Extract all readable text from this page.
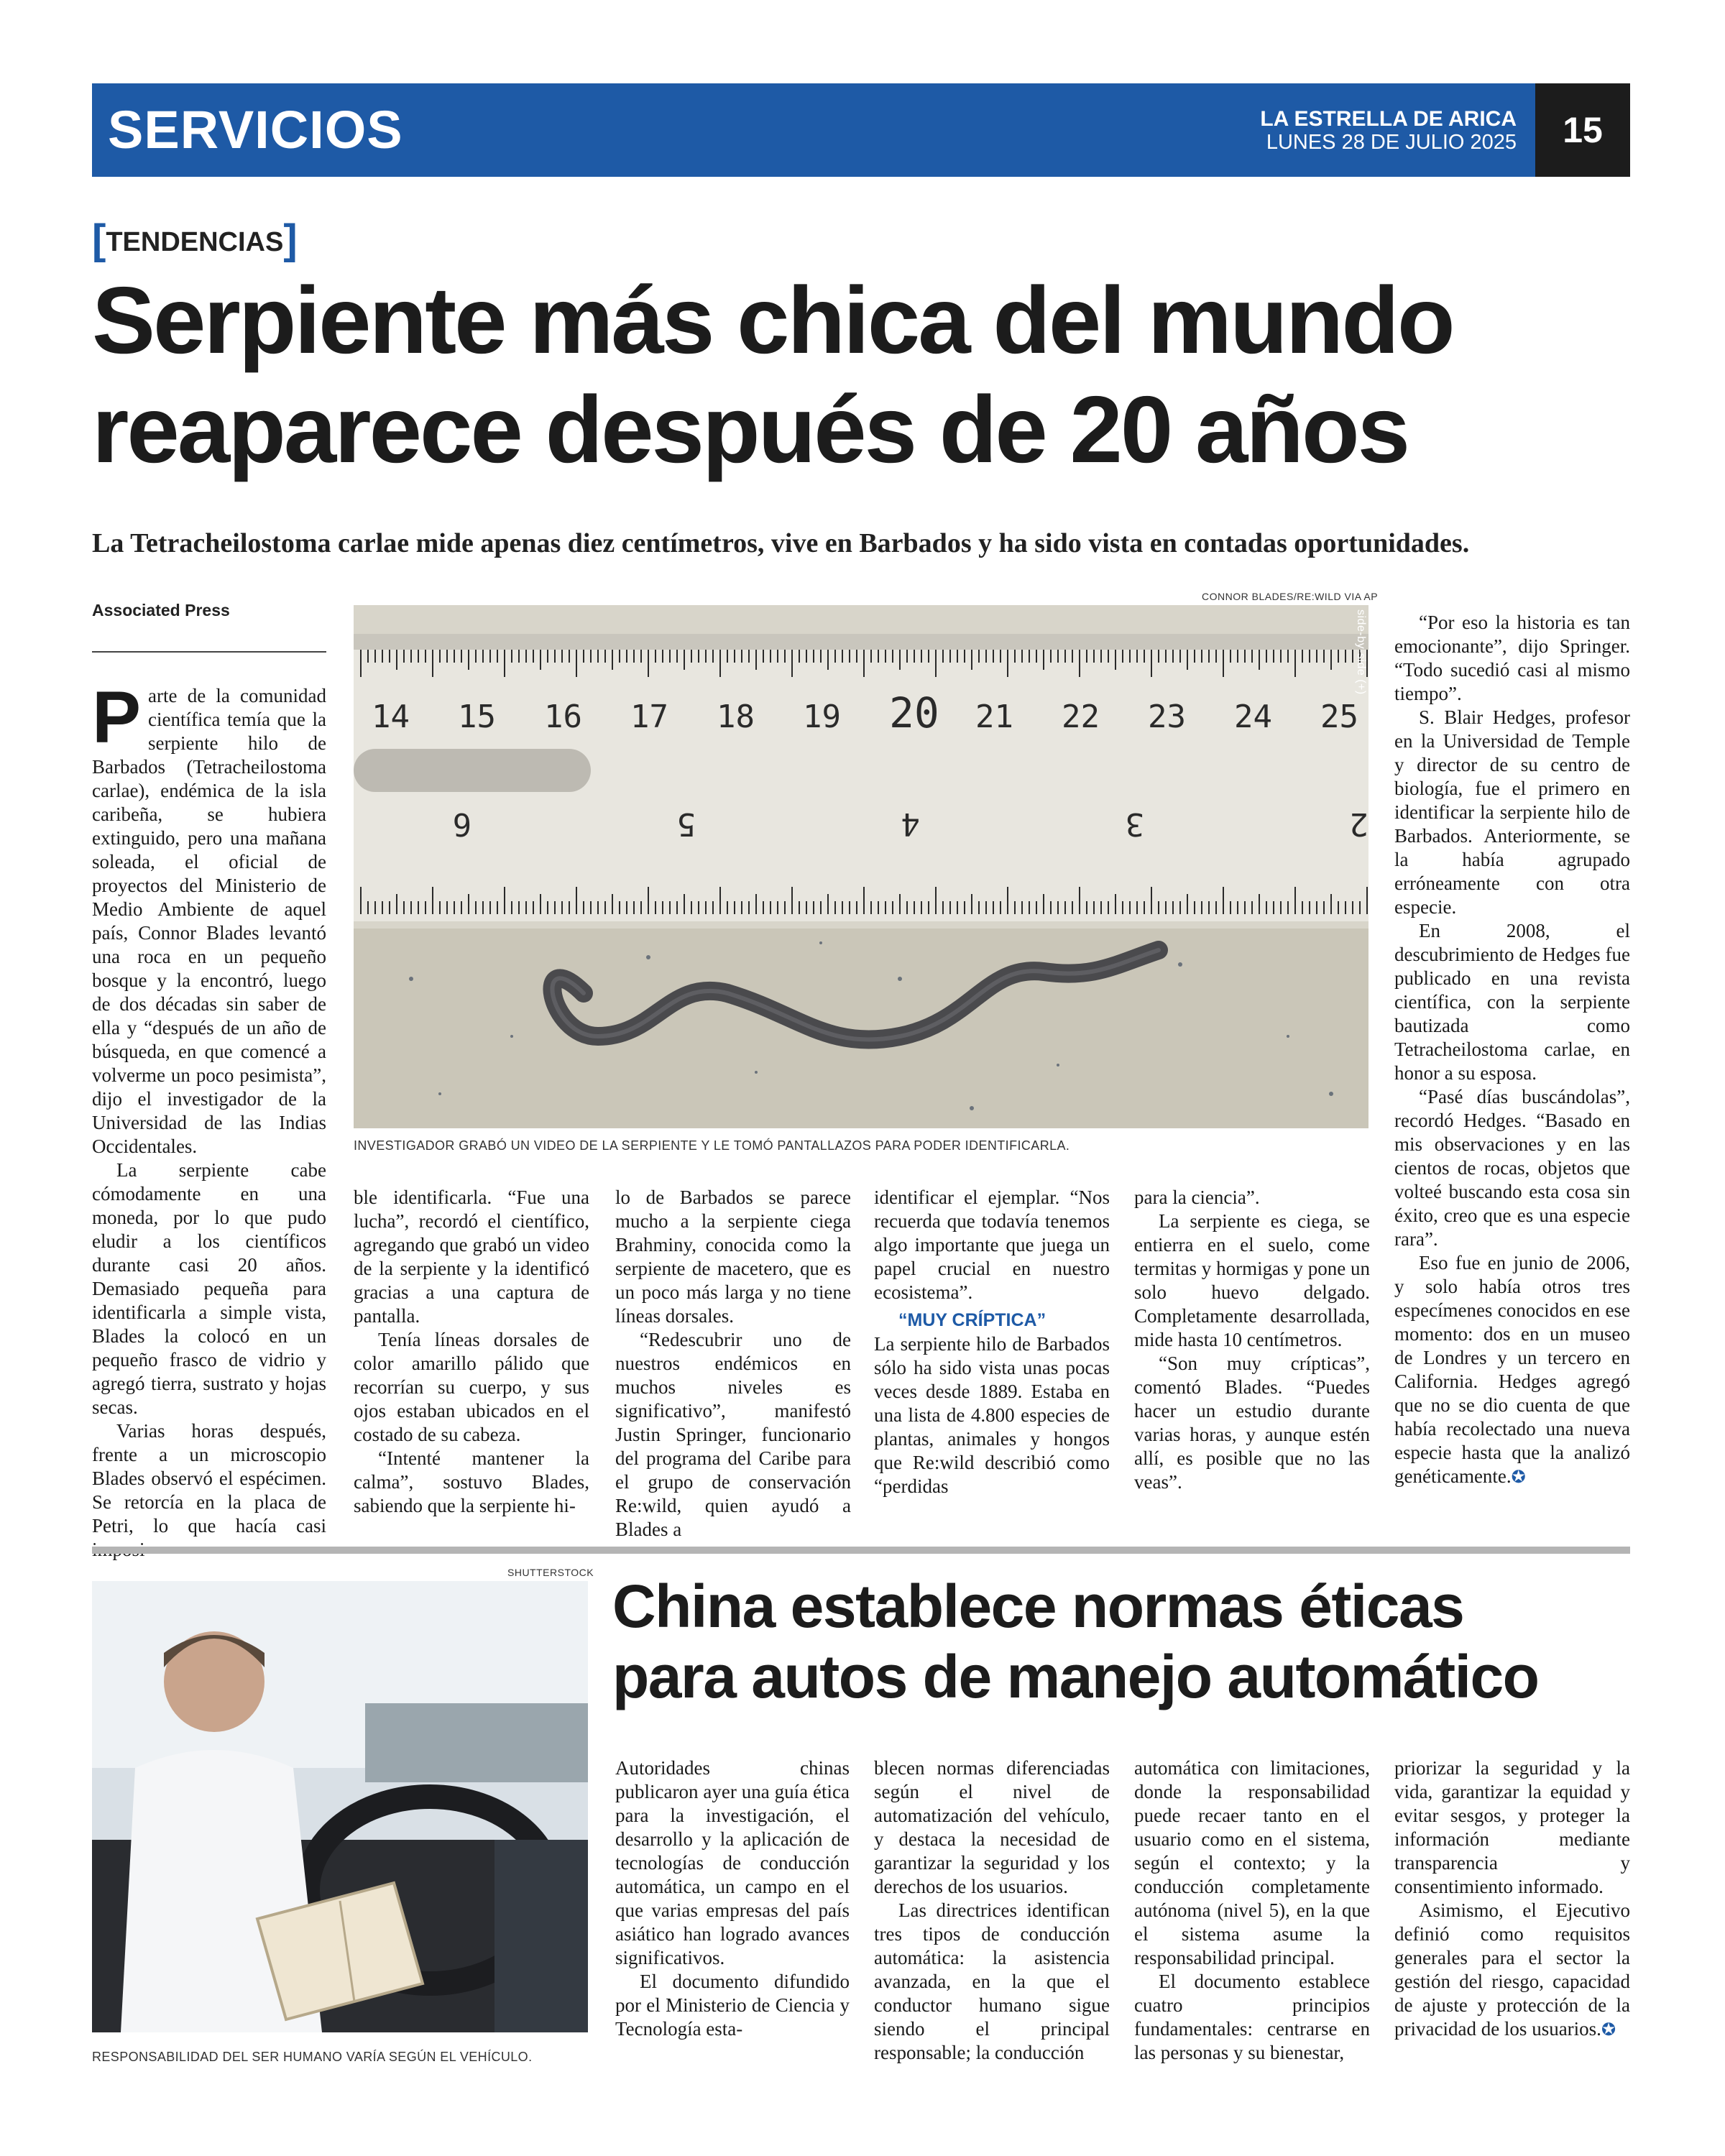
SERVICIOS	LA ESTRELLA DE ARICA
LUNES 28 DE JULIO 2025	15
[TENDENCIAS]
Serpiente más chica del mundo
reaparece después de 20 años
La Tetracheilostoma carlae mide apenas diez centímetros, vive en Barbados y ha sido vista en contadas oportunidades.
Associated Press
CONNOR BLADES/RE:WILD VIA AP
14 15 16 17 18 19 20 21 22 23 24 25
6	5	4	3	2
side-by-side (+)
INVESTIGADOR GRABÓ UN VIDEO DE LA SERPIENTE Y LE TOMÓ PANTALLAZOS PARA PODER IDENTIFICARLA.

Parte de la comunidad científica temía que la serpiente hilo de Barbados (Tetracheilostoma carlae), endémica de la isla caribeña, se hubiera extinguido, pero una mañana soleada, el oficial de proyectos del Ministerio de Medio Ambiente de aquel país, Connor Blades levantó una roca en un pequeño bosque y la encontró, luego de dos décadas sin saber de ella y “después de un año de búsqueda, en que comencé a volverme un poco pesimista”, dijo el investigador de la Universidad de las Indias Occidentales.

La serpiente cabe cómodamente en una moneda, por lo que pudo eludir a los científicos durante casi 20 años. Demasiado pequeña para identificarla a simple vista, Blades la colocó en un pequeño frasco de vidrio y agregó tierra, sustrato y hojas secas.

Varias horas después, frente a un microscopio Blades observó el espécimen. Se retorcía en la placa de Petri, lo que hacía casi

ble identificarla. “Fue una lucha”, recordó el científico, agregando que grabó un video de la serpiente y la identificó gracias a una captura de pantalla.

Tenía líneas dorsales de color amarillo pálido que recorrían su cuerpo, y sus ojos estaban ubicados en el costado de su cabeza.

“Intenté mantener la calma”, sostuvo Blades, sabiendo que la serpiente hi-

lo de Barbados se parece mucho a la serpiente ciega Brahminy, conocida como la serpiente de macetero, que es un poco más larga y no tiene líneas dorsales.

“Redescubrir uno de nuestros endémicos en muchos niveles es significativo”, manifestó Justin Springer, funcionario del programa del Caribe para el grupo de conservación Re:wild, quien ayudó a Blades a

identificar el ejemplar. “Nos recuerda que todavía tenemos algo importante que juega un papel crucial en nuestro ecosistema”.

“MUY CRÍPTICA”

La serpiente hilo de Barbados sólo ha sido vista unas pocas veces desde 1889. Estaba en una lista de 4.800 especies de plantas, animales y hongos que Re:wild describió como “perdidas

para la ciencia”.

La serpiente es ciega, se entierra en el suelo, come termitas y hormigas y pone un solo huevo delgado. Completamente desarrollada, mide hasta 10 centímetros.

“Son muy crípticas”, comentó Blades. “Puedes hacer un estudio durante varias horas, y aunque estén allí, es posible que no las veas”.

“Por eso la historia es tan emocionante”, dijo Springer. “Todo sucedió casi al mismo tiempo”.

S. Blair Hedges, profesor en la Universidad de Temple y director de su centro de biología, fue el primero en identificar la serpiente hilo de Barbados. Anteriormente, se la había agrupado erróneamente con otra especie.

En 2008, el descubrimiento de Hedges fue publicado en una revista científica, con la serpiente bautizada como Tetracheilostoma carlae, en honor a su esposa.

“Pasé días buscándolas”, recordó Hedges. “Basado en mis observaciones y en las cientos de rocas, objetos que volteé buscando esta cosa sin éxito, creo que es una especie rara”.

Eso fue en junio de 2006, y solo había otros tres especímenes conocidos en ese momento: dos en un museo de Londres y un tercero en California. Hedges agregó que no se dio cuenta de que había recolectado una nueva especie hasta que la analizó genéticamente.✪

SHUTTERSTOCK
RESPONSABILIDAD DEL SER HUMANO VARÍA SEGÚN EL VEHÍCULO.
China establece normas éticas
para autos de manejo automático

Autoridades chinas publicaron ayer una guía ética para la investigación, el desarrollo y la aplicación de tecnologías de conducción automática, un campo en el que varias empresas del país asiático han logrado avances significativos.

El documento difundido por el Ministerio de Ciencia y Tecnología esta-

blecen normas diferenciadas según el nivel de automatización del vehículo, y destaca la necesidad de garantizar la seguridad y los derechos de los usuarios.

Las directrices identifican tres tipos de conducción automática: la asistencia avanzada, en la que el conductor humano sigue siendo el principal responsable; la conducción

automática con limitaciones, donde la responsabilidad puede recaer tanto en el usuario como en el sistema, según el contexto; y la conducción completamente autónoma (nivel 5), en la que el sistema asume la responsabilidad principal.

El documento establece cuatro principios fundamentales: centrarse en las personas y su bienestar,

priorizar la seguridad y la vida, garantizar la equidad y evitar sesgos, y proteger la información mediante transparencia y consentimiento informado.

Asimismo, el Ejecutivo definió como requisitos generales para el sector la gestión del riesgo, capacidad de ajuste y protección de la privacidad de los usuarios.✪
